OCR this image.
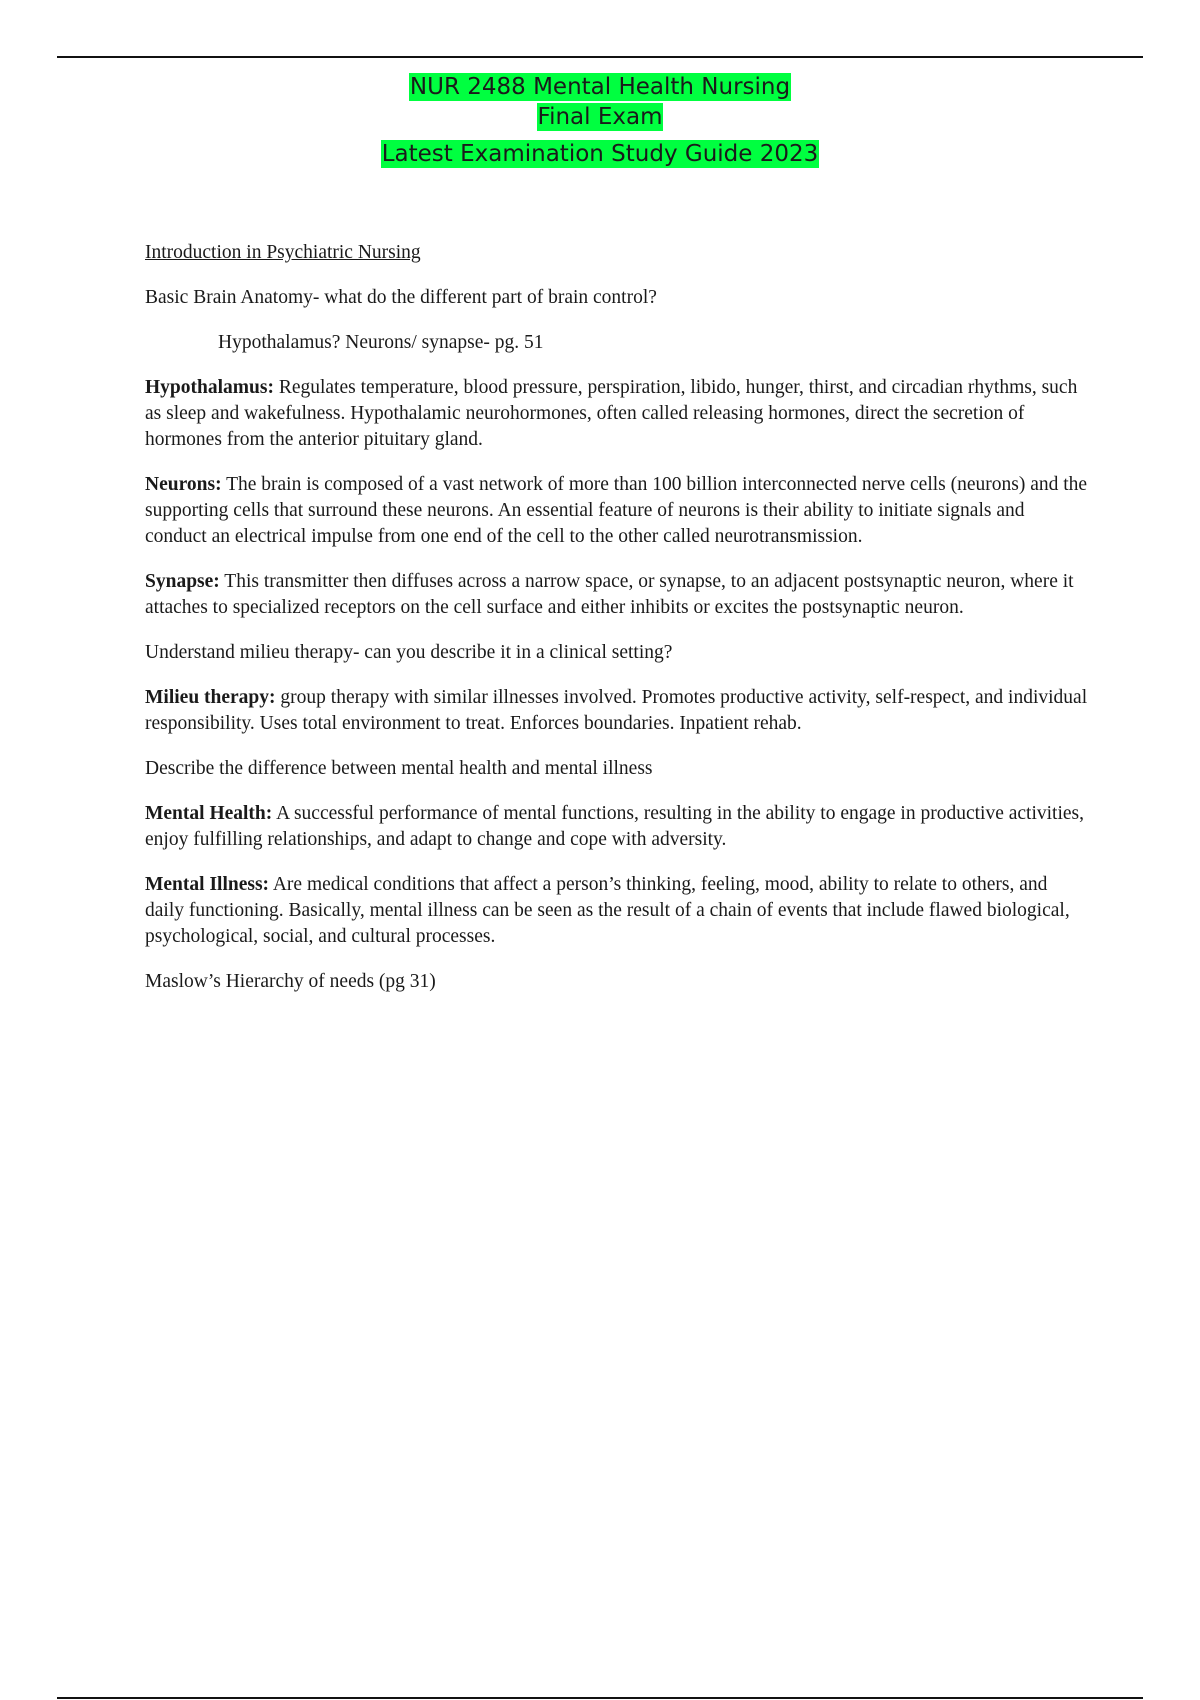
NUR 2488 Mental Health Nursing
Final Exam
Latest Examination Study Guide 2023

Introduction in Psychiatric Nursing

Basic Brain Anatomy- what do the different part of brain control?

Hypothalamus? Neurons/ synapse- pg. 51

Hypothalamus: Regulates temperature, blood pressure, perspiration, libido, hunger, thirst, and circadian rhythms, such as sleep and wakefulness. Hypothalamic neurohormones, often called releasing hormones, direct the secretion of hormones from the anterior pituitary gland.

Neurons: The brain is composed of a vast network of more than 100 billion interconnected nerve cells (neurons) and the supporting cells that surround these neurons. An essential feature of neurons is their ability to initiate signals and conduct an electrical impulse from one end of the cell to the other called neurotransmission.

Synapse: This transmitter then diffuses across a narrow space, or synapse, to an adjacent postsynaptic neuron, where it attaches to specialized receptors on the cell surface and either inhibits or excites the postsynaptic neuron.

Understand milieu therapy- can you describe it in a clinical setting?

Milieu therapy: group therapy with similar illnesses involved. Promotes productive activity, self-respect, and individual responsibility. Uses total environment to treat. Enforces boundaries. Inpatient rehab.

Describe the difference between mental health and mental illness

Mental Health: A successful performance of mental functions, resulting in the ability to engage in productive activities, enjoy fulfilling relationships, and adapt to change and cope with adversity.

Mental Illness: Are medical conditions that affect a person’s thinking, feeling, mood, ability to relate to others, and daily functioning. Basically, mental illness can be seen as the result of a chain of events that include flawed biological, psychological, social, and cultural processes.

Maslow’s Hierarchy of needs (pg 31)
